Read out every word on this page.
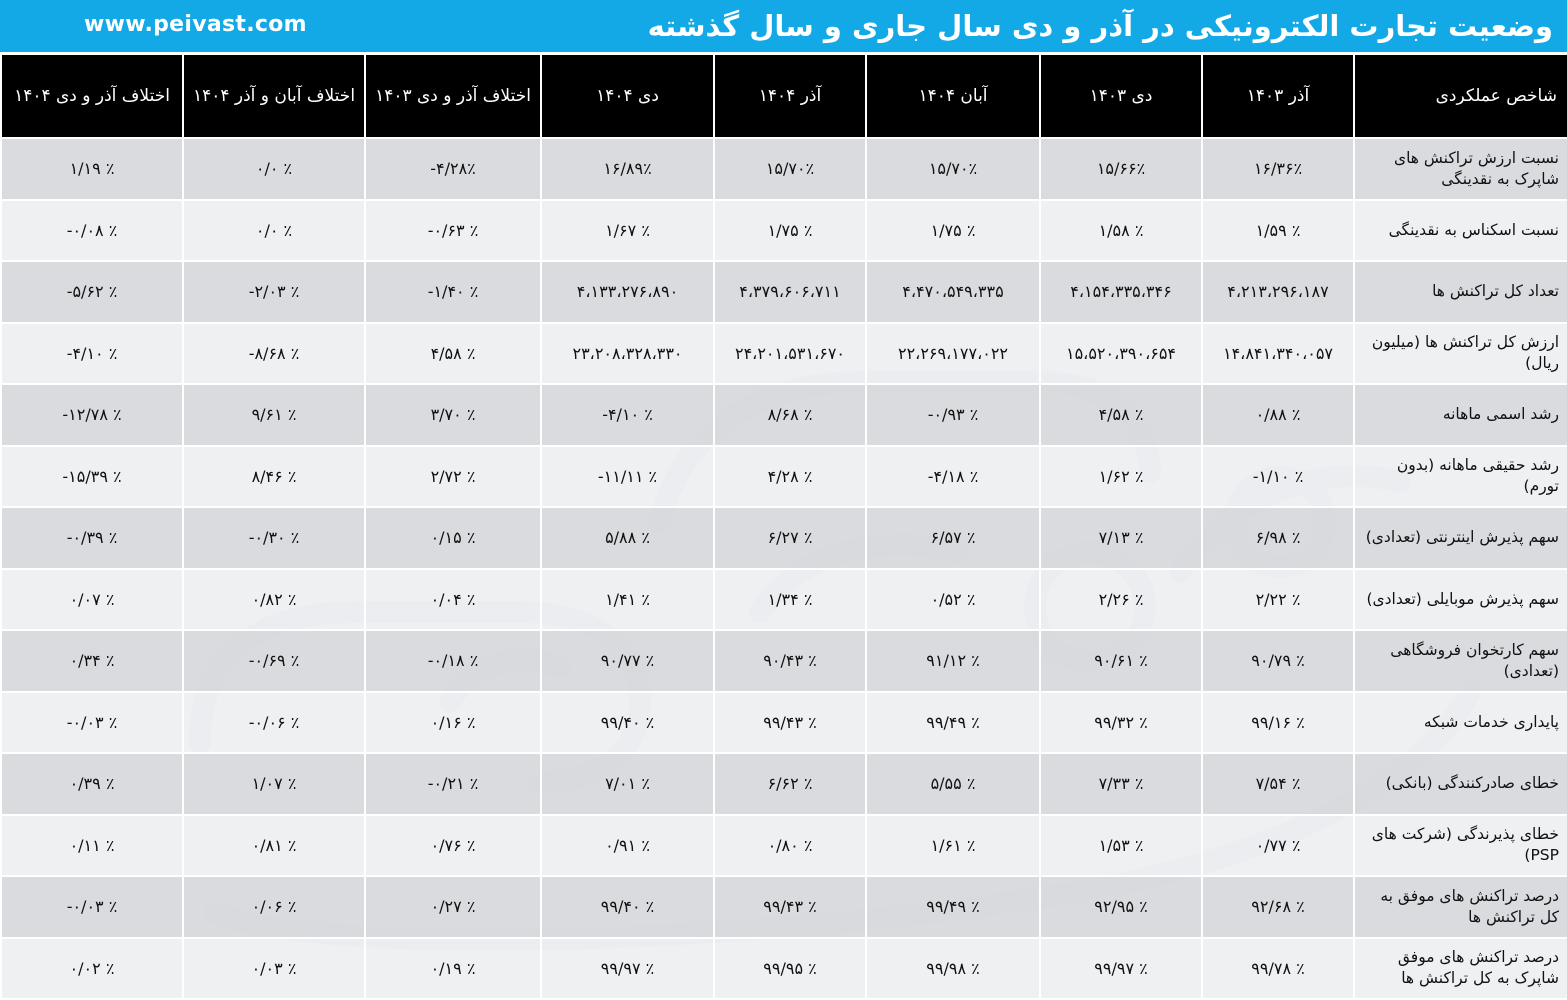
وضعیت تجارت الکترونیکی در آذر و دی سال جاری و سال گذشته
www.peivast.com
شاخص عملکردی	آذر ۱۴۰۳	دی ۱۴۰۳	آبان ۱۴۰۴	آذر ۱۴۰۴	دی ۱۴۰۴	اختلاف آذر و دی ۱۴۰۳	اختلاف آبان و آذر ۱۴۰۴	اختلاف آذر و دی ۱۴۰۴
نسبت ارزش تراکنش های شاپرک به نقدینگی	۱۶/۳۶٪	۱۵/۶۶٪	۱۵/۷۰٪	۱۵/۷۰٪	۱۶/۸۹٪	-۴/۲۸٪	۰/۰ ٪	۱/۱۹ ٪
نسبت اسکناس به نقدینگی	۱/۵۹ ٪	۱/۵۸ ٪	۱/۷۵ ٪	۱/۷۵ ٪	۱/۶۷ ٪	-۰/۶۳ ٪	۰/۰ ٪	-۰/۰۸ ٪
تعداد کل تراکنش ها	۴،۲۱۳،۲۹۶،۱۸۷	۴،۱۵۴،۳۳۵،۳۴۶	۴،۴۷۰،۵۴۹،۳۳۵	۴،۳۷۹،۶۰۶،۷۱۱	۴،۱۳۳،۲۷۶،۸۹۰	-۱/۴۰ ٪	-۲/۰۳ ٪	-۵/۶۲ ٪
ارزش کل تراکنش ها (میلیون ریال)	۱۴،۸۴۱،۳۴۰،۰۵۷	۱۵،۵۲۰،۳۹۰،۶۵۴	۲۲،۲۶۹،۱۷۷،۰۲۲	۲۴،۲۰۱،۵۳۱،۶۷۰	۲۳،۲۰۸،۳۲۸،۳۳۰	۴/۵۸ ٪	-۸/۶۸ ٪	-۴/۱۰ ٪
رشد اسمی ماهانه	۰/۸۸ ٪	۴/۵۸ ٪	-۰/۹۳ ٪	۸/۶۸ ٪	-۴/۱۰ ٪	۳/۷۰ ٪	۹/۶۱ ٪	-۱۲/۷۸ ٪
رشد حقیقی ماهانه (بدون تورم)	-۱/۱۰ ٪	۱/۶۲ ٪	-۴/۱۸ ٪	۴/۲۸ ٪	-۱۱/۱۱ ٪	۲/۷۲ ٪	۸/۴۶ ٪	-۱۵/۳۹ ٪
سهم پذیرش اینترنتی (تعدادی)	۶/۹۸ ٪	۷/۱۳ ٪	۶/۵۷ ٪	۶/۲۷ ٪	۵/۸۸ ٪	۰/۱۵ ٪	-۰/۳۰ ٪	-۰/۳۹ ٪
سهم پذیرش موبایلی (تعدادی)	۲/۲۲ ٪	۲/۲۶ ٪	۰/۵۲ ٪	۱/۳۴ ٪	۱/۴۱ ٪	۰/۰۴ ٪	۰/۸۲ ٪	۰/۰۷ ٪
سهم کارتخوان فروشگاهی (تعدادی)	۹۰/۷۹ ٪	۹۰/۶۱ ٪	۹۱/۱۲ ٪	۹۰/۴۳ ٪	۹۰/۷۷ ٪	-۰/۱۸ ٪	-۰/۶۹ ٪	۰/۳۴ ٪
پایداری خدمات شبکه	۹۹/۱۶ ٪	۹۹/۳۲ ٪	۹۹/۴۹ ٪	۹۹/۴۳ ٪	۹۹/۴۰ ٪	۰/۱۶ ٪	-۰/۰۶ ٪	-۰/۰۳ ٪
خطای صادرکنندگی (بانکی)	۷/۵۴ ٪	۷/۳۳ ٪	۵/۵۵ ٪	۶/۶۲ ٪	۷/۰۱ ٪	-۰/۲۱ ٪	۱/۰۷ ٪	۰/۳۹ ٪
خطای پذیرندگی (شرکت های PSP)	۰/۷۷ ٪	۱/۵۳ ٪	۱/۶۱ ٪	۰/۸۰ ٪	۰/۹۱ ٪	۰/۷۶ ٪	۰/۸۱ ٪	۰/۱۱ ٪
درصد تراکنش های موفق به کل تراکنش ها	۹۲/۶۸ ٪	۹۲/۹۵ ٪	۹۹/۴۹ ٪	۹۹/۴۳ ٪	۹۹/۴۰ ٪	۰/۲۷ ٪	۰/۰۶ ٪	-۰/۰۳ ٪
درصد تراکنش های موفق شاپرک به کل تراکنش ها	۹۹/۷۸ ٪	۹۹/۹۷ ٪	۹۹/۹۸ ٪	۹۹/۹۵ ٪	۹۹/۹۷ ٪	۰/۱۹ ٪	۰/۰۳ ٪	۰/۰۲ ٪
